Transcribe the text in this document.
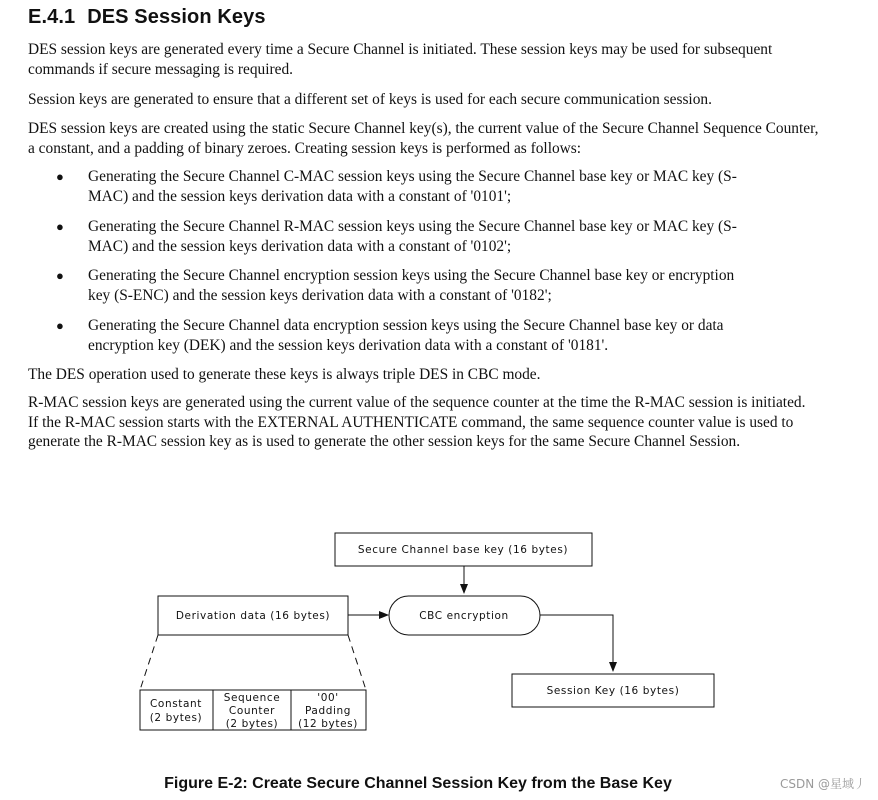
E.4.1 DES Session Keys

DES session keys are generated every time a Secure Channel is initiated. These session keys may be used for subsequent commands if secure messaging is required.

Session keys are generated to ensure that a different set of keys is used for each secure communication session.

DES session keys are created using the static Secure Channel key(s), the current value of the Secure Channel Sequence Counter, a constant, and a padding of binary zeroes. Creating session keys is performed as follows:

● Generating the Secure Channel C-MAC session keys using the Secure Channel base key or MAC key (S-
MAC) and the session keys derivation data with a constant of '0101';
● Generating the Secure Channel R-MAC session keys using the Secure Channel base key or MAC key (S-
MAC) and the session keys derivation data with a constant of '0102';
● Generating the Secure Channel encryption session keys using the Secure Channel base key or encryption
key (S-ENC) and the session keys derivation data with a constant of '0182';
● Generating the Secure Channel data encryption session keys using the Secure Channel base key or data
encryption key (DEK) and the session keys derivation data with a constant of '0181'.

The DES operation used to generate these keys is always triple DES in CBC mode.

R-MAC session keys are generated using the current value of the sequence counter at the time the R-MAC session is initiated. If the R-MAC session starts with the EXTERNAL AUTHENTICATE command, the same sequence counter value is used to generate the R-MAC session key as is used to generate the other session keys for the same Secure Channel Session.

Secure Channel base key (16 bytes)
Derivation data (16 bytes)	CBC encryption
Session Key (16 bytes)
Constant
(2 bytes)
Sequence
Counter
(2 bytes)
'00'
Padding
(12 bytes)
Figure E-2: Create Secure Channel Session Key from the Base Key	CSDN @星域丿
